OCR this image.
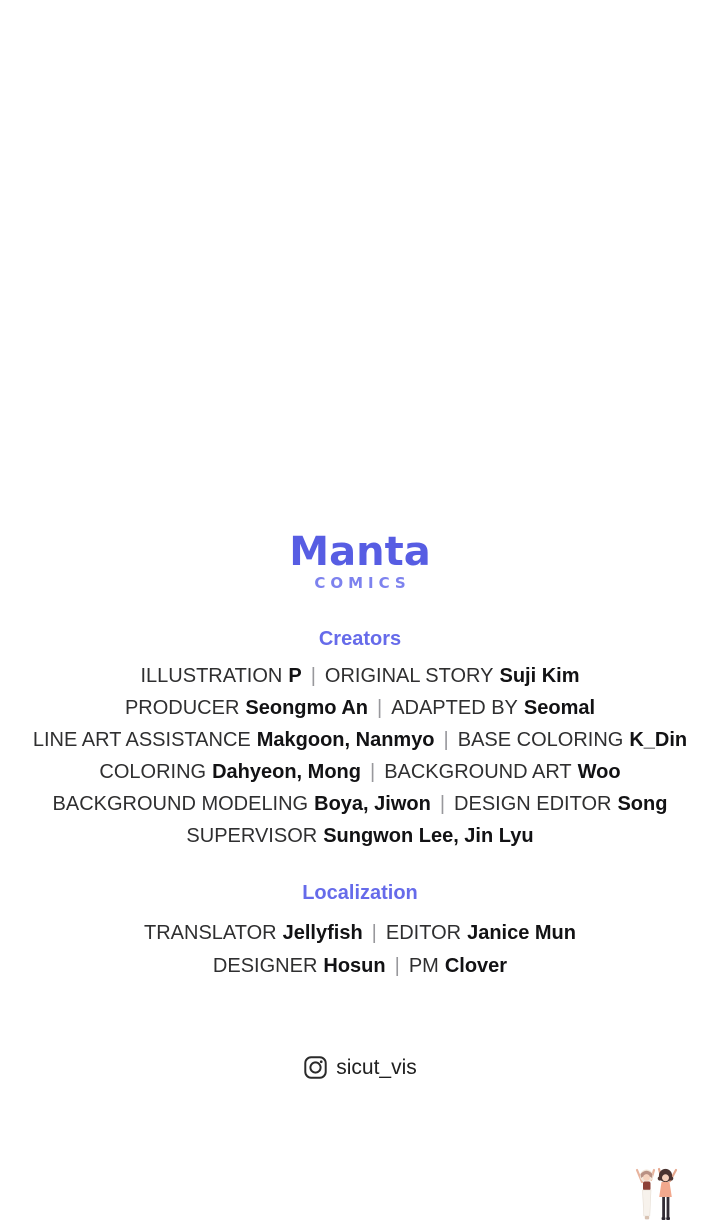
Manta
COMICS
Creators

ILLUSTRATION P | ORIGINAL STORY Suji Kim

PRODUCER Seongmo An | ADAPTED BY Seomal

LINE ART ASSISTANCE Makgoon, Nanmyo | BASE COLORING K_Din

COLORING Dahyeon, Mong | BACKGROUND ART Woo

BACKGROUND MODELING Boya, Jiwon | DESIGN EDITOR Song

SUPERVISOR Sungwon Lee, Jin Lyu

Localization

TRANSLATOR Jellyfish | EDITOR Janice Mun

DESIGNER Hosun | PM Clover

sicut_vis
